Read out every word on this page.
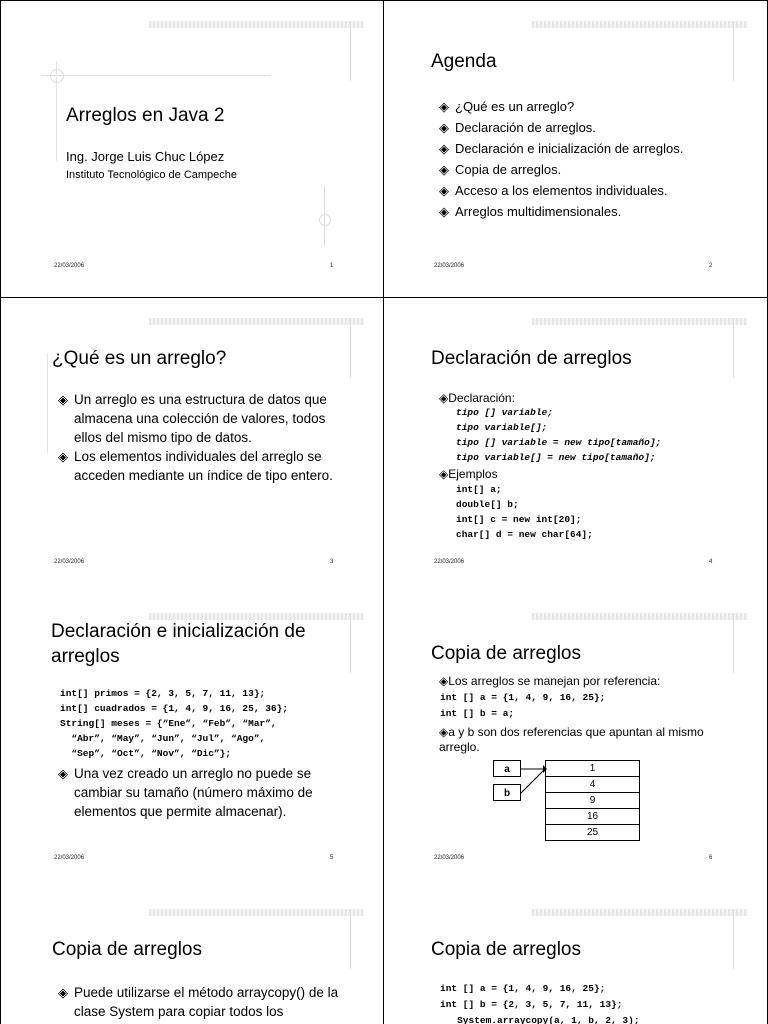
Arreglos en Java 2
Ing. Jorge Luis Chuc López
Instituto Tecnológico de Campeche
22/03/2006	1
Agenda
◈ ¿Qué es un arreglo?
◈ Declaración de arreglos.
◈ Declaración e inicialización de arreglos.
◈ Copia de arreglos.
◈ Acceso a los elementos individuales.
◈ Arreglos multidimensionales.
22/03/2006	2
¿Qué es un arreglo?
◈ Un arreglo es una estructura de datos que almacena una colección de valores, todos ellos del mismo tipo de datos.
◈ Los elementos individuales del arreglo se acceden mediante un índice de tipo entero.
22/03/2006	3
Declaración de arreglos
◈Declaración:
tipo [] variable;
tipo variable[];
tipo [] variable = new tipo[tamaño];
tipo variable[] = new tipo[tamaño];
◈Ejemplos
int[] a;
double[] b;
int[] c = new int[20];
char[] d = new char[64];
22/03/2006	4
Declaración e inicialización de arreglos
int[] primos = {2, 3, 5, 7, 11, 13};
int[] cuadrados = {1, 4, 9, 16, 25, 36};
String[] meses = {“Ene”, “Feb”, “Mar”,
“Abr”, “May”, “Jun”, “Jul”, “Ago”,
“Sep”, “Oct”, “Nov”, “Dic”};
◈ Una vez creado un arreglo no puede se cambiar su tamaño (número máximo de elementos que permite almacenar).
22/03/2006	5
Copia de arreglos
◈Los arreglos se manejan por referencia:
int [] a = {1, 4, 9, 16, 25};
int [] b = a;
◈a y b son dos referencias que apuntan al mismo arreglo.
a
b
1
4
9
16
25
22/03/2006	6
Copia de arreglos
◈ Puede utilizarse el método arraycopy() de la clase System para copiar todos los
Copia de arreglos
int [] a = {1, 4, 9, 16, 25};
int [] b = {2, 3, 5, 7, 11, 13};
System.arraycopy(a, 1, b, 2, 3);
